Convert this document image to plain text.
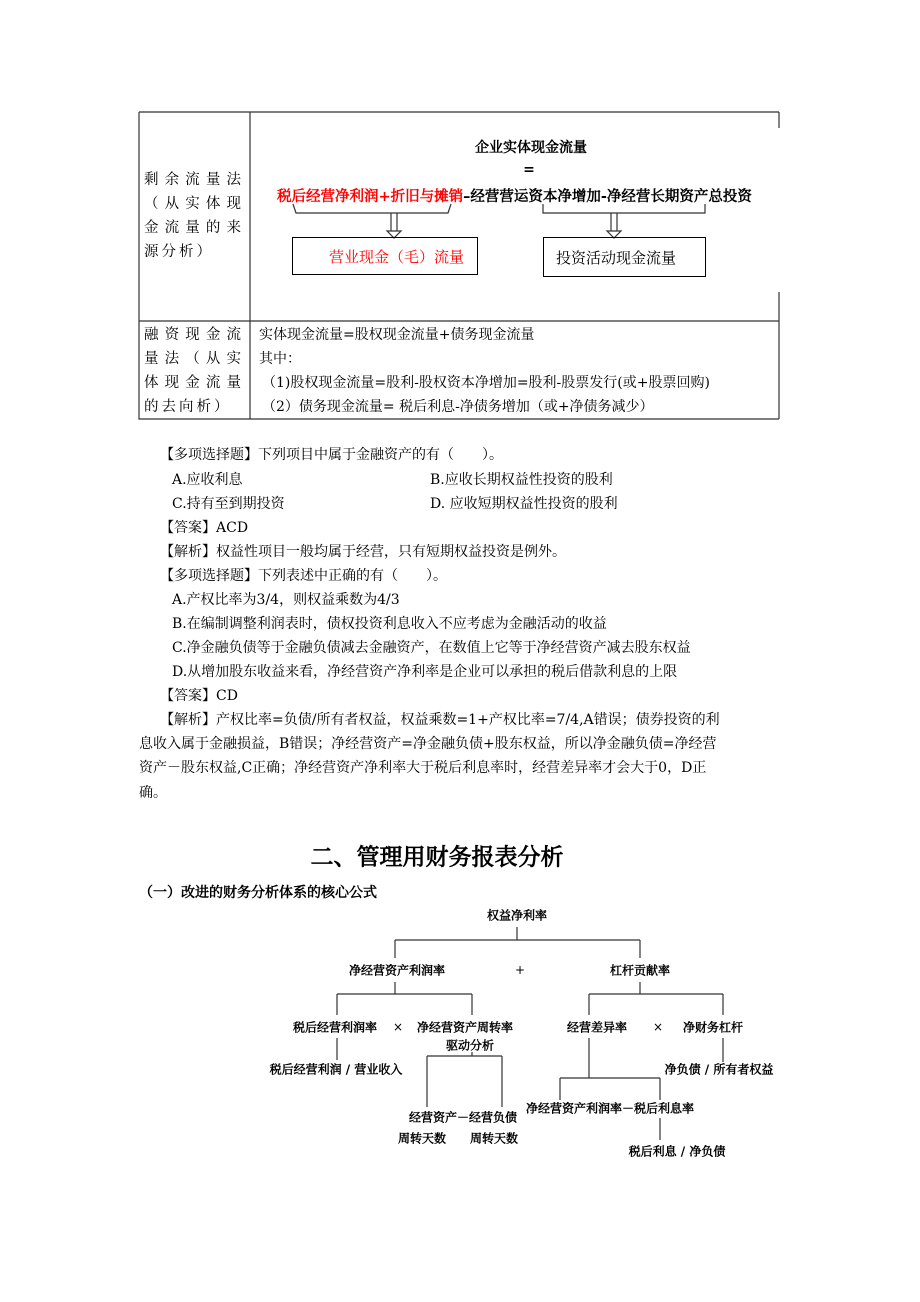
剩余流量法（从实体现金流量的来源分析）
企业实体现金流量
=
税后经营净利润+折旧与摊销–经营营运资本净增加-净经营长期资产总投资
营业现金（毛）流量	投资活动现金流量
融资现金流量法（从实体现金流量的去向析）
实体现金流量=股权现金流量+债务现金流量
其中：
（1)股权现金流量=股利-股权资本净增加=股利-股票发行(或+股票回购)
（2）债务现金流量= 税后利息-净债务增加（或+净债务减少）
【多项选择题】下列项目中属于金融资产的有（　　）。
A.应收利息	B.应收长期权益性投资的股利
C.持有至到期投资	D. 应收短期权益性投资的股利
【答案】ACD
【解析】权益性项目一般均属于经营，只有短期权益投资是例外。
【多项选择题】下列表述中正确的有（　　）。
A.产权比率为3/4，则权益乘数为4/3
B.在编制调整利润表时，债权投资利息收入不应考虑为金融活动的收益
C.净金融负债等于金融负债减去金融资产，在数值上它等于净经营资产减去股东权益
D.从增加股东收益来看，净经营资产净利率是企业可以承担的税后借款利息的上限
【答案】CD
【解析】产权比率=负债/所有者权益，权益乘数=1+产权比率=7/4,A错误；债券投资的利
息收入属于金融损益，B错误；净经营资产=净金融负债+股东权益，所以净金融负债=净经营
资产－股东权益,C正确；净经营资产净利率大于税后利息率时，经营差异率才会大于0，D正
确。
二、管理用财务报表分析
（一）改进的财务分析体系的核心公式
权益净利率
净经营资产利润率	+	杠杆贡献率
税后经营利润率 × 净经营资产周转率
驱动分析
税后经营利润 / 营业收入
经营资产－经营负债
周转天数 周转天数
经营差异率 × 净财务杠杆
净负债 / 所有者权益
净经营资产利润率－税后利息率
税后利息 / 净负债
